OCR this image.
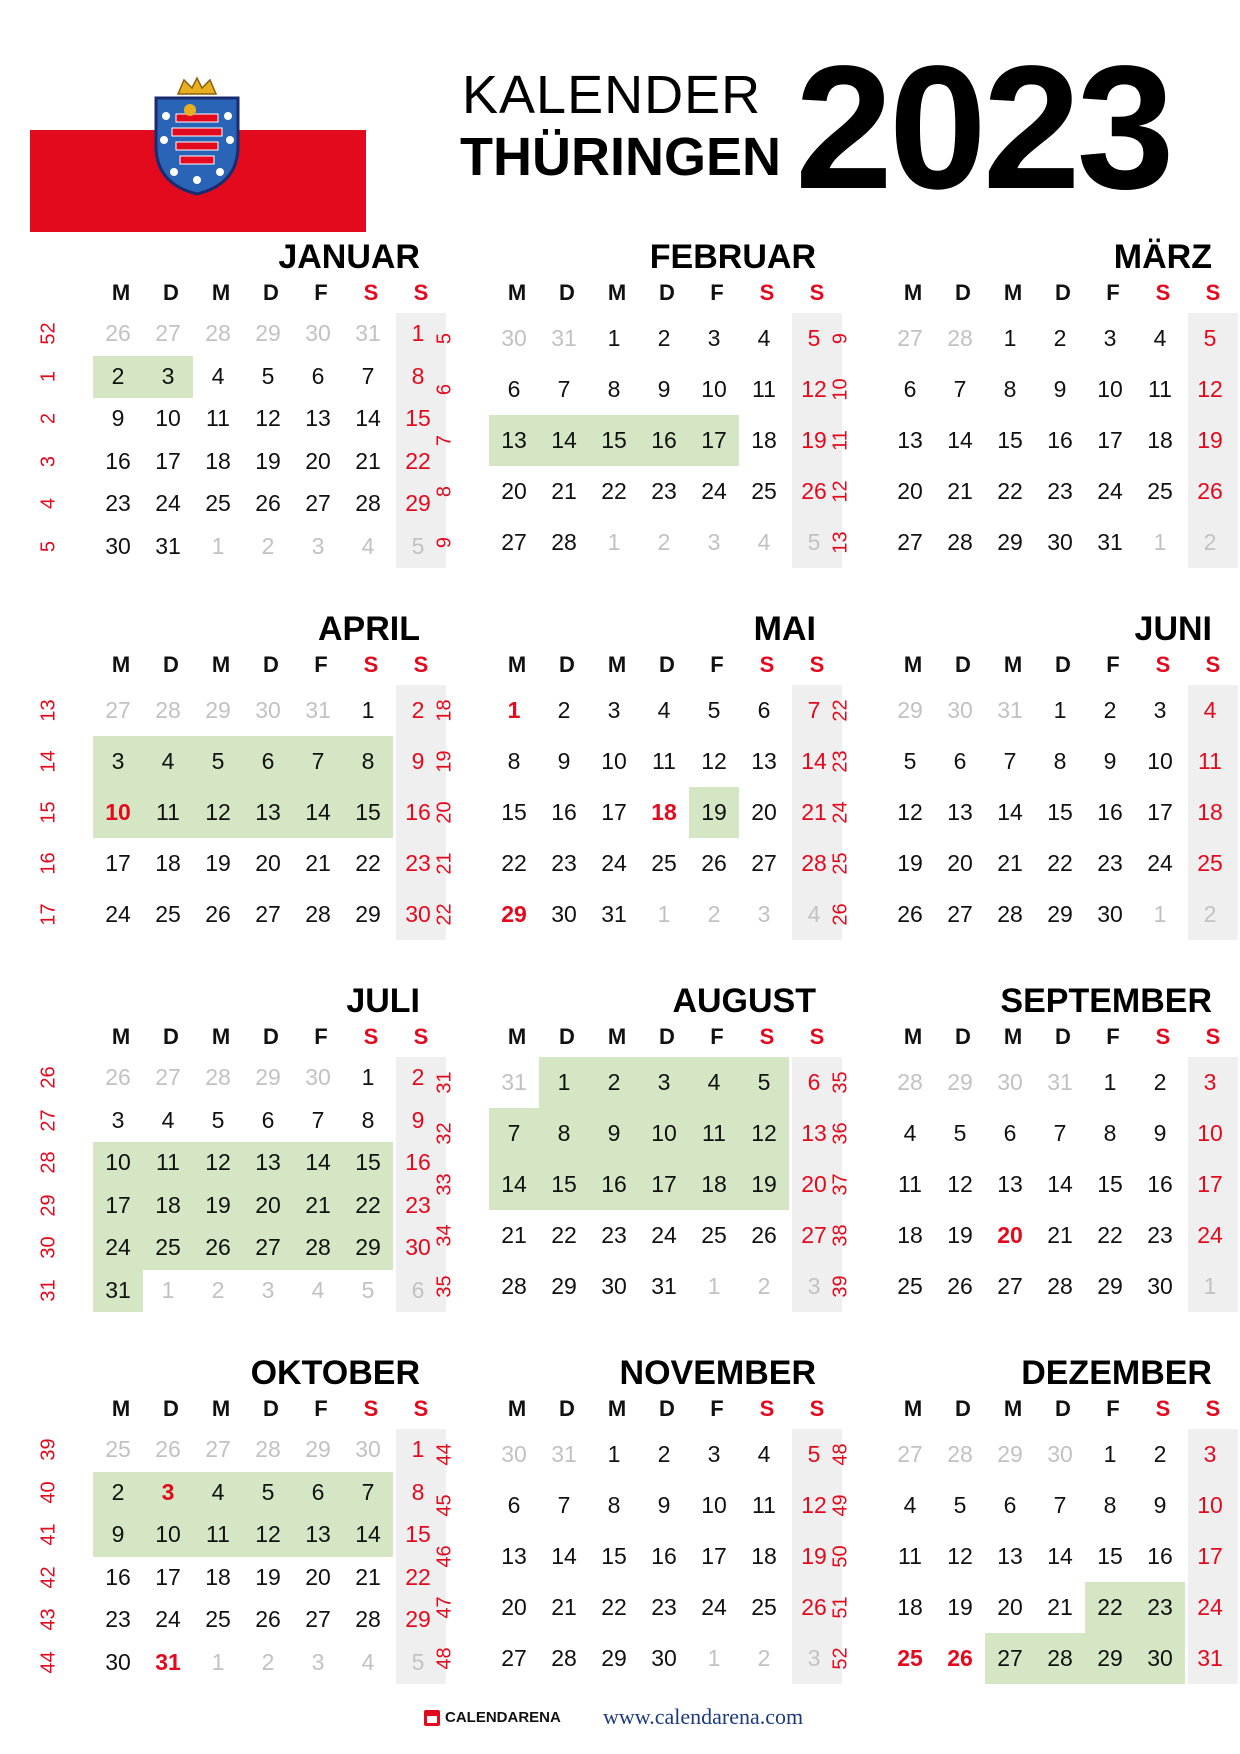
KALENDER
THÜRINGEN 2023
JANUAR
M	D	M	D	F	S	S
52	26	27	28	29	30	31	1
1	2	3	4	5	6	7	8
2	9	10	11	12	13	14	15
3	16	17	18	19	20	21	22
4	23	24	25	26	27	28	29
5	30	31	1	2	3	4	5
FEBRUAR
M	D	M	D	F	S	S
5	30	31	1	2	3	4	5
6	6	7	8	9	10	11	12
7	13	14	15	16	17	18	19
8	20	21	22	23	24	25	26
9	27	28	1	2	3	4	5
MÄRZ
M	D	M	D	F	S	S
9	27	28	1	2	3	4	5
10	6	7	8	9	10	11	12
11	13	14	15	16	17	18	19
12	20	21	22	23	24	25	26
13	27	28	29	30	31	1	2
APRIL
M	D	M	D	F	S	S
13	27	28	29	30	31	1	2
14	3	4	5	6	7	8	9
15	10	11	12	13	14	15	16
16	17	18	19	20	21	22	23
17	24	25	26	27	28	29	30
MAI
M	D	M	D	F	S	S
18	1	2	3	4	5	6	7
19	8	9	10	11	12	13	14
20	15	16	17	18	19	20	21
21	22	23	24	25	26	27	28
22	29	30	31	1	2	3	4
JUNI
M	D	M	D	F	S	S
22	29	30	31	1	2	3	4
23	5	6	7	8	9	10	11
24	12	13	14	15	16	17	18
25	19	20	21	22	23	24	25
26	26	27	28	29	30	1	2
JULI
M	D	M	D	F	S	S
26	26	27	28	29	30	1	2
27	3	4	5	6	7	8	9
28	10	11	12	13	14	15	16
29	17	18	19	20	21	22	23
30	24	25	26	27	28	29	30
31	31	1	2	3	4	5	6
AUGUST
M	D	M	D	F	S	S
31	31	1	2	3	4	5	6
32	7	8	9	10	11	12	13
33	14	15	16	17	18	19	20
34	21	22	23	24	25	26	27
35	28	29	30	31	1	2	3
SEPTEMBER
M	D	M	D	F	S	S
35	28	29	30	31	1	2	3
36	4	5	6	7	8	9	10
37	11	12	13	14	15	16	17
38	18	19	20	21	22	23	24
39	25	26	27	28	29	30	1
OKTOBER
M	D	M	D	F	S	S
39	25	26	27	28	29	30	1
40	2	3	4	5	6	7	8
41	9	10	11	12	13	14	15
42	16	17	18	19	20	21	22
43	23	24	25	26	27	28	29
44	30	31	1	2	3	4	5
NOVEMBER
M	D	M	D	F	S	S
44	30	31	1	2	3	4	5
45	6	7	8	9	10	11	12
46	13	14	15	16	17	18	19
47	20	21	22	23	24	25	26
48	27	28	29	30	1	2	3
DEZEMBER
M	D	M	D	F	S	S
48	27	28	29	30	1	2	3
49	4	5	6	7	8	9	10
50	11	12	13	14	15	16	17
51	18	19	20	21	22	23	24
52	25	26	27	28	29	30	31
CALENDARENA www.calendarena.com
